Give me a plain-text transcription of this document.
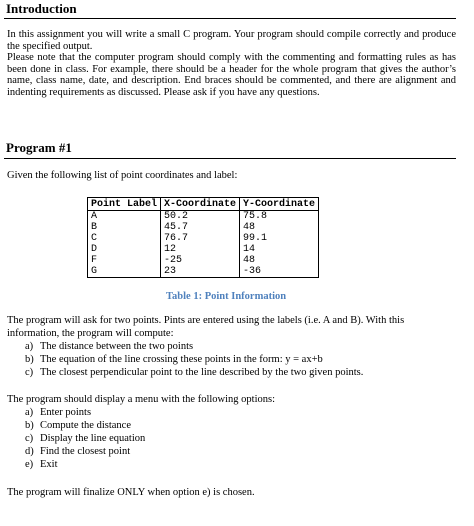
Introduction

In this assignment you will write a small C program. Your program should compile correctly and produce the specified output.

Please note that the computer program should comply with the commenting and formatting rules as has been done in class. For example, there should be a header for the whole program that gives the author’s name, class name, date, and description. End braces should be commented, and there are alignment and indenting requirements as discussed. Please ask if you have any questions.

Program #1
Given the following list of point coordinates and label:
Point Label	X-Coordinate	Y-Coordinate
A	50.2	75.8
B	45.7	48
C	76.7	99.1
D	12	14
F	-25	48
G	23	-36
Table 1: Point Information
The program will ask for two points. Pints are entered using the labels (i.e. A and B). With this
information, the program will compute:
a) The distance between the two points
b) The equation of the line crossing these points in the form: y = ax+b
c) The closest perpendicular point to the line described by the two given points.
The program should display a menu with the following options:
a) Enter points
b) Compute the distance
c) Display the line equation
d) Find the closest point
e) Exit
The program will finalize ONLY when option e) is chosen.
